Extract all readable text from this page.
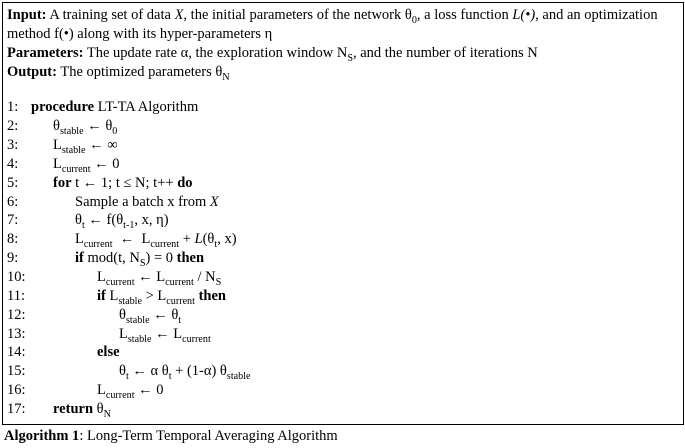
Input: A training set of data X, the initial parameters of the network $\theta_0$, a loss function L(•), and an optimization method f(•) along with its hyper-parameters η

Parameters: The update rate α, the exploration window $N_S$, and the number of iterations N

Output: The optimized parameters $\theta_N$

1: procedure LT-TA Algorithm
2:	$\theta_{stable}$ ← $\theta_0$
3:	$L_{stable}$ ← ∞
4:	$L_{current}$ ← 0
5:	for t ← 1; t ≤ N; t++ do
6:	Sample a batch x from X
7:	$\theta_t$ ← $f(\theta_{t-1}$, x, η)
8:	$L_{current}$  ←  $L_{current} + L(\theta_t$, x)
9:	if mod(t, $N_S) = 0$ then
10:	$L_{current}$ ← $L_{current} / N_S$
11:	if $L_{stable} > L_{current}$ then
12:	$\theta_{stable}$ ← $\theta_t$
13:	$L_{stable}$ ← $L_{current}$
14:	else
15:	$\theta_t$ ← α $\theta_t + (1-\alpha)$ $\theta_{stable}$
16:	$L_{current}$ ← 0
17:	return $\theta_N$
Algorithm 1: Long-Term Temporal Averaging Algorithm
